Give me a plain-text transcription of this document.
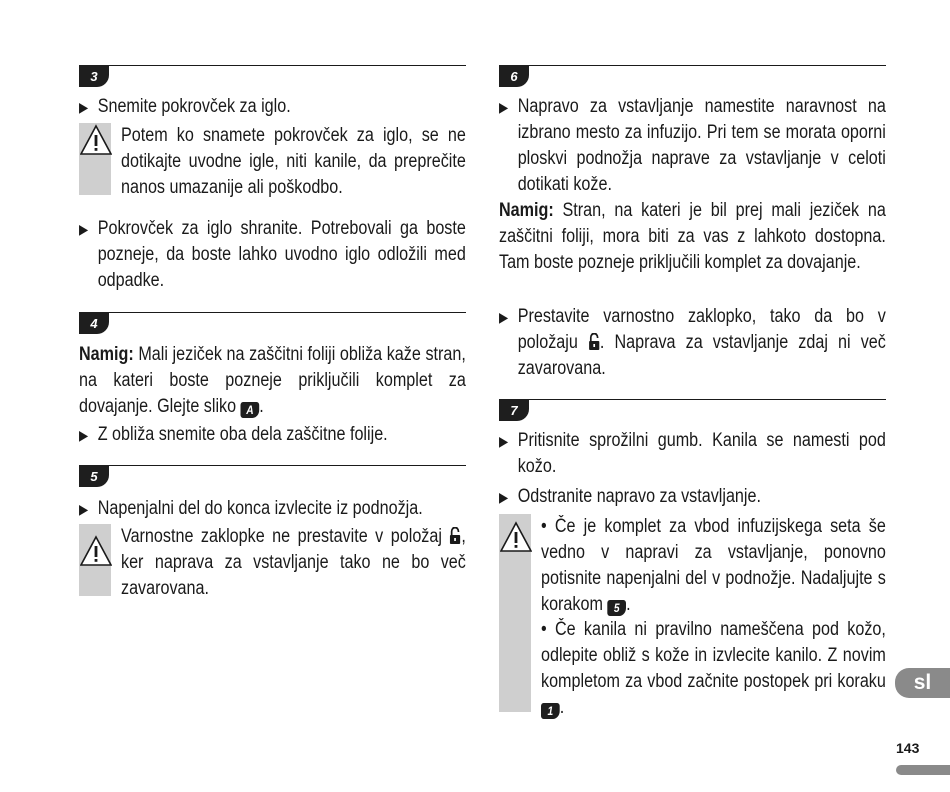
3
▶ Snemite pokrovček za iglo.
Potem ko snamete pokrovček za iglo, se ne dotikajte uvodne igle, niti kanile, da preprečite nanos umazanije ali poškodbo.
▶ Pokrovček za iglo shranite. Potrebovali ga boste pozneje, da boste lahko uvodno iglo odložili med odpadke.
4
Namig: Mali jeziček na zaščitni foliji obliža kaže stran, na kateri boste pozneje priključili komplet za dovajanje. Glejte sliko A .
▶ Z obliža snemite oba dela zaščitne folije.
5
▶ Napenjalni del do konca izvlecite iz podnožja.
Varnostne zaklopke ne prestavite v položaj , ker naprava za vstavljanje tako ne bo več zavarovana.
6
▶ Napravo za vstavljanje namestite naravnost na izbrano mesto za infuzijo. Pri tem se morata oporni ploskvi podnožja naprave za vstavljanje v celoti dotikati kože.
Namig: Stran, na kateri je bil prej mali jeziček na zaščitni foliji, mora biti za vas z lahkoto dostopna. Tam boste pozneje priključili komplet za dovajanje.
▶ Prestavite varnostno zaklopko, tako da bo v položaju . Naprava za vstavljanje zdaj ni več zavarovana.
7
▶ Pritisnite sprožilni gumb. Kanila se namesti pod kožo.
▶ Odstranite napravo za vstavljanje.
• Če je komplet za vbod infuzijskega seta še vedno v napravi za vstavljanje, ponovno potisnite napenjalni del v podnožje. Nadaljujte s korakom 5 .
• Če kanila ni pravilno nameščena pod kožo, odlepite obliž s kože in izvlecite kanilo. Z novim kompletom za vbod začnite postopek pri koraku 1 .
sl
143
